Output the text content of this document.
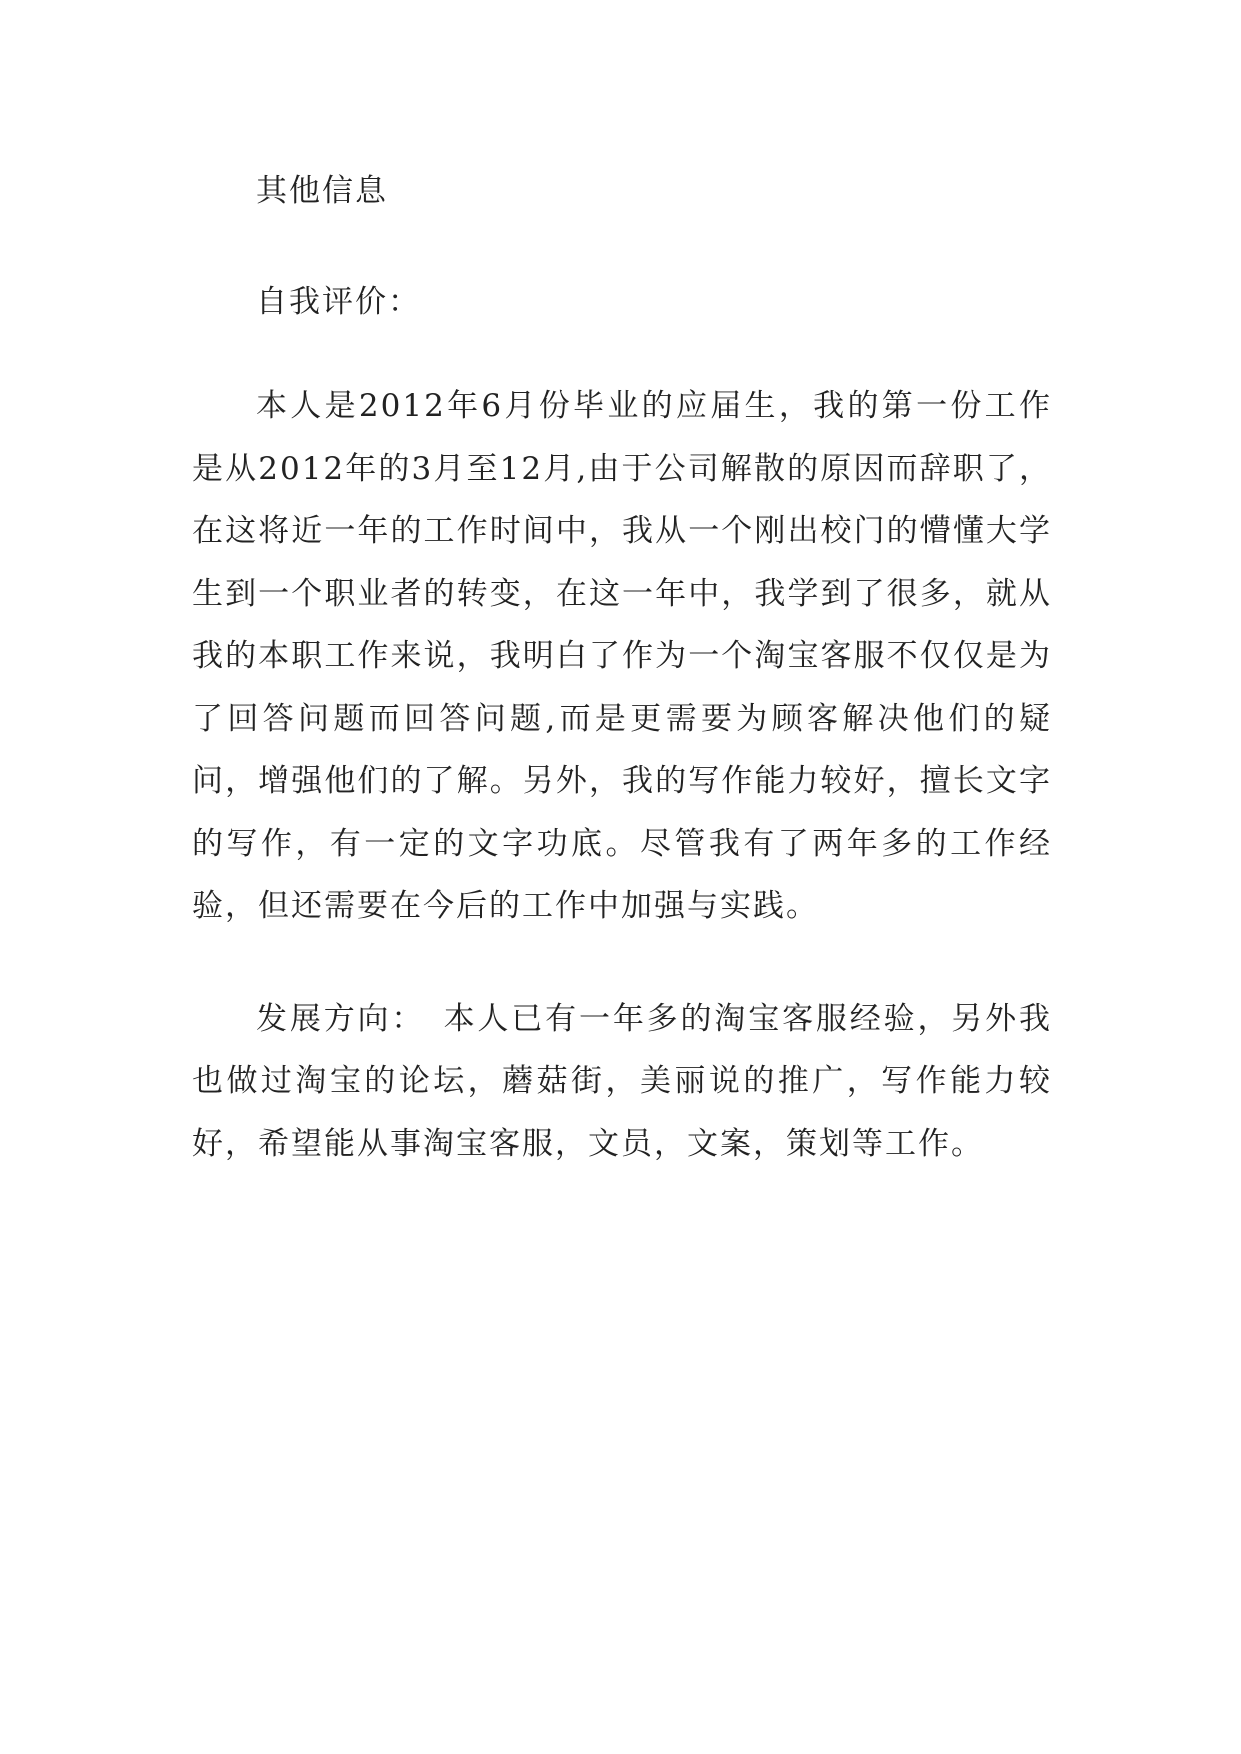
其他信息

自我评价：

本人是2012年6月份毕业的应届生，我的第一份工作是从2012年的3月至12月,由于公司解散的原因而辞职了，在这将近一年的工作时间中，我从一个刚出校门的懵懂大学生到一个职业者的转变，在这一年中，我学到了很多，就从我的本职工作来说，我明白了作为一个淘宝客服不仅仅是为了回答问题而回答问题,而是更需要为顾客解决他们的疑问，增强他们的了解。另外，我的写作能力较好，擅长文字的写作，有一定的文字功底。尽管我有了两年多的工作经验，但还需要在今后的工作中加强与实践。

发展方向：　本人已有一年多的淘宝客服经验，另外我也做过淘宝的论坛，蘑菇街，美丽说的推广，写作能力较好，希望能从事淘宝客服，文员，文案，策划等工作。
